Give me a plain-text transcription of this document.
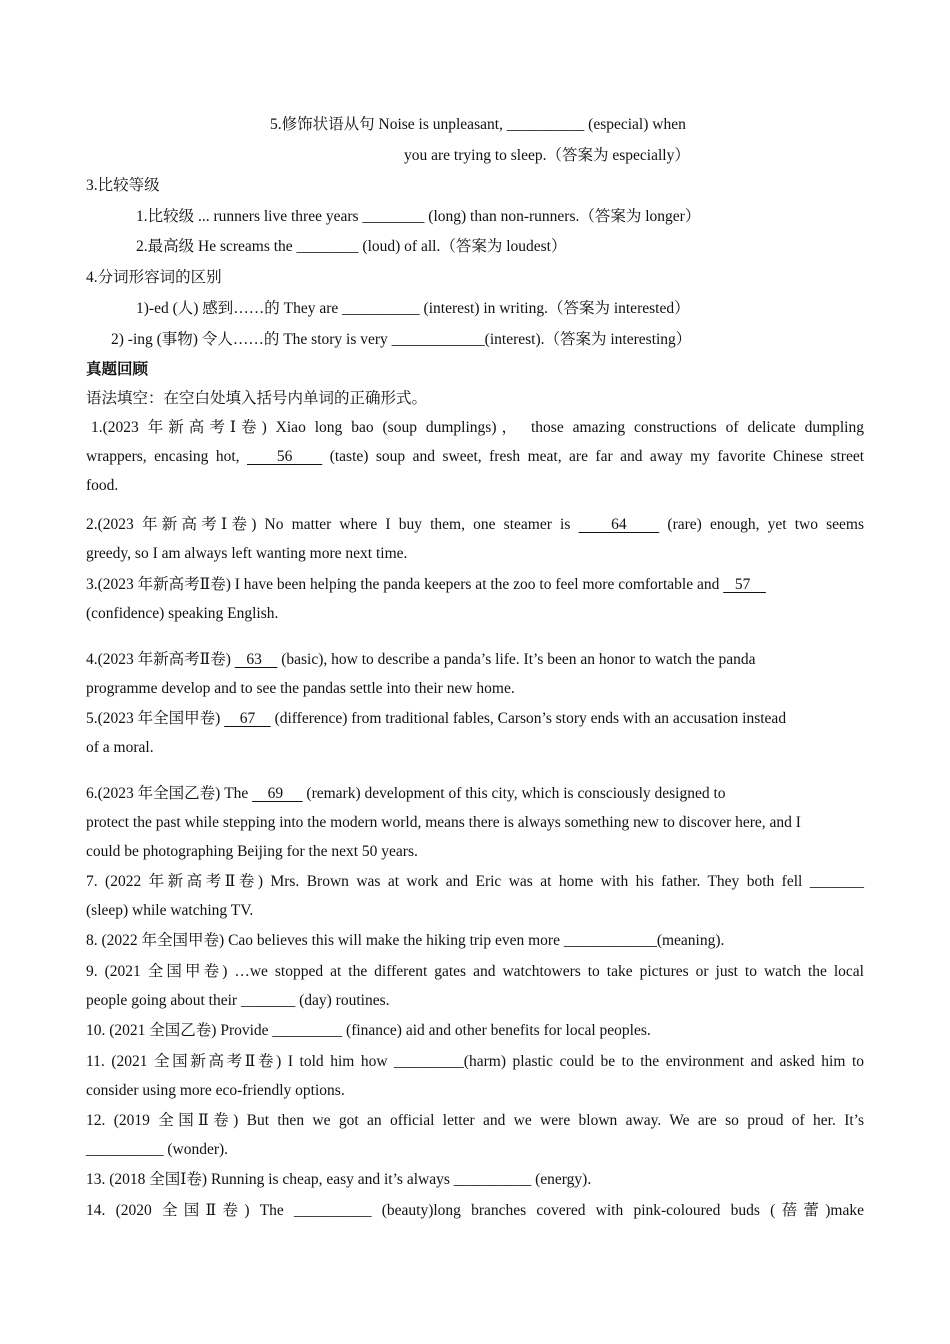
5.修饰状语从句 Noise is unpleasant, __________ (especial) when
you are trying to sleep.（答案为 especially）
3.比较等级
1.比较级 ... runners live three years ________ (long) than non-runners.（答案为 longer）
2.最高级 He screams the ________ (loud) of all.（答案为 loudest）
4.分词形容词的区别
1)-ed (人) 感到……的 They are __________ (interest) in writing.（答案为 interested）
2) -ing (事物) 令人……的 The story is very ____________(interest).（答案为 interesting）
真题回顾
语法填空：在空白处填入括号内单词的正确形式。
1.(2023 年新高考Ⅰ卷) Xiao long bao (soup dumplings)， those amazing constructions of delicate dumpling
wrappers, encasing hot,     56     (taste) soup and sweet, fresh meat, are far and away my favorite Chinese street
food.
2.(2023 年新高考Ⅰ卷) No matter where I buy them, one steamer is     64     (rare) enough, yet two seems
greedy, so I am always left wanting more next time.
3.(2023 年新高考Ⅱ卷) I have been helping the panda keepers at the zoo to feel more comfortable and    57
(confidence) speaking English.
4.(2023 年新高考Ⅱ卷)    63     (basic), how to describe a panda’s life. It’s been an honor to watch the panda
programme develop and to see the pandas settle into their new home.
5.(2023 年全国甲卷)     67     (difference) from traditional fables, Carson’s story ends with an accusation instead
of a moral.
6.(2023 年全国乙卷) The     69      (remark) development of this city, which is consciously designed to
protect the past while stepping into the modern world, means there is always something new to discover here, and I
could be photographing Beijing for the next 50 years.
7. (2022 年新高考Ⅱ卷) Mrs. Brown was at work and Eric was at home with his father. They both fell _______
(sleep) while watching TV.
8. (2022 年全国甲卷) Cao believes this will make the hiking trip even more ____________(meaning).
9. (2021 全国甲卷) …we stopped at the different gates and watchtowers to take pictures or just to watch the local
people going about their _______ (day) routines.
10. (2021 全国乙卷) Provide _________ (finance) aid and other benefits for local peoples.
11. (2021 全国新高考Ⅱ卷) I told him how _________(harm) plastic could be to the environment and asked him to
consider using more eco-friendly options.
12. (2019 全国Ⅱ卷) But then we got an official letter and we were blown away. We are so proud of her. It’s
__________ (wonder).
13. (2018 全国Ⅰ卷) Running is cheap, easy and it’s always __________ (energy).
14. (2020 全国Ⅱ卷) The __________ (beauty)long branches covered with pink-coloured buds (蓓蕾)make
